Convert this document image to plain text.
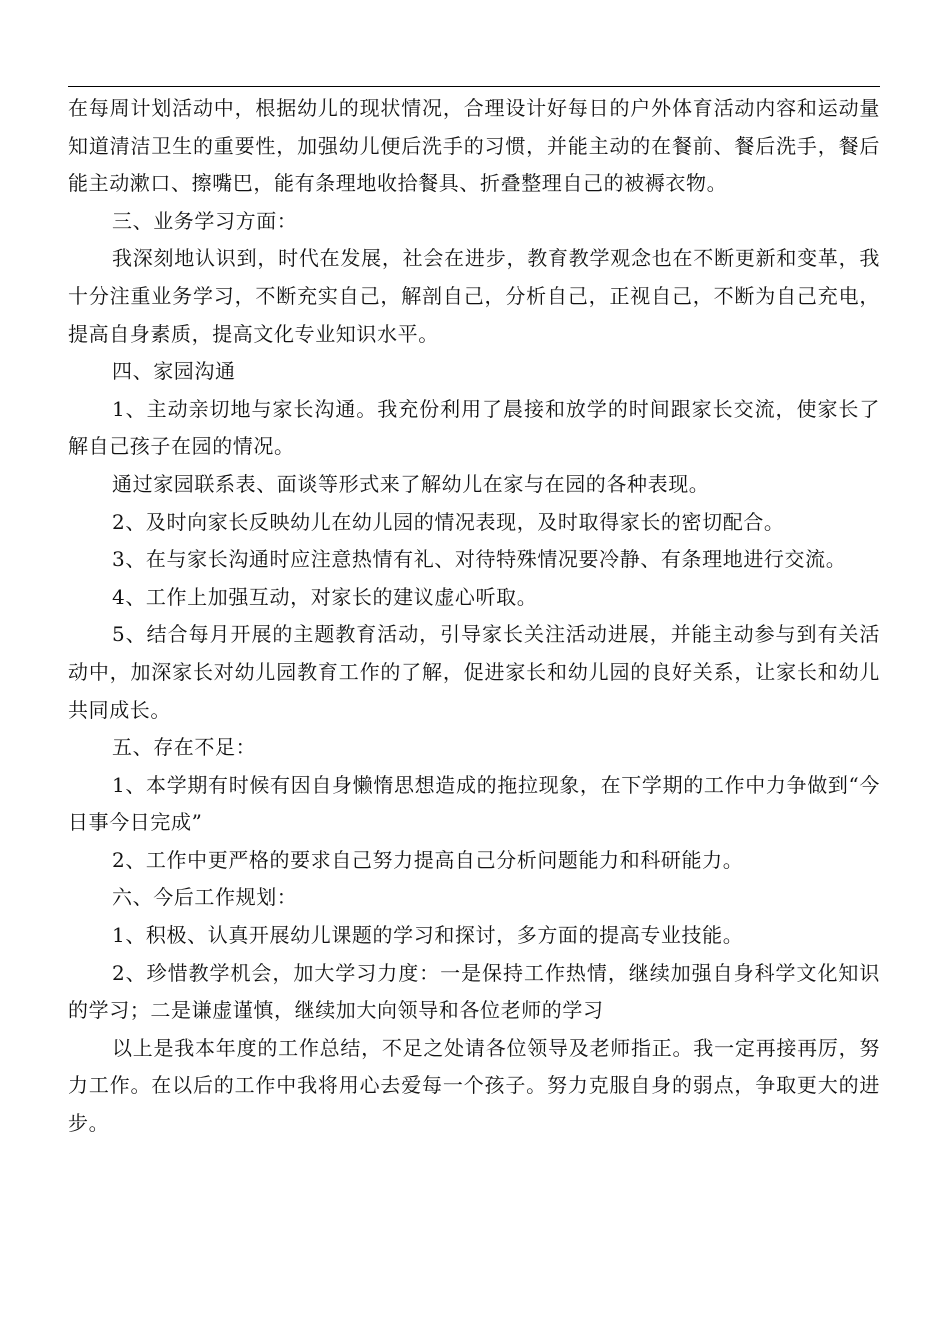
在每周计划活动中，根据幼儿的现状情况，合理设计好每日的户外体育活动内容和运动量知道清洁卫生的重要性，加强幼儿便后洗手的习惯，并能主动的在餐前、餐后洗手，餐后能主动漱口、擦嘴巴，能有条理地收拾餐具、折叠整理自己的被褥衣物。

三、业务学习方面：

我深刻地认识到，时代在发展，社会在进步，教育教学观念也在不断更新和变革，我十分注重业务学习，不断充实自己，解剖自己，分析自己，正视自己，不断为自己充电，提高自身素质，提高文化专业知识水平。

四、家园沟通

1、主动亲切地与家长沟通。我充份利用了晨接和放学的时间跟家长交流，使家长了解自己孩子在园的情况。

通过家园联系表、面谈等形式来了解幼儿在家与在园的各种表现。

2、及时向家长反映幼儿在幼儿园的情况表现，及时取得家长的密切配合。

3、在与家长沟通时应注意热情有礼、对待特殊情况要冷静、有条理地进行交流。

4、工作上加强互动，对家长的建议虚心听取。

5、结合每月开展的主题教育活动，引导家长关注活动进展，并能主动参与到有关活动中，加深家长对幼儿园教育工作的了解，促进家长和幼儿园的良好关系，让家长和幼儿共同成长。

五、存在不足：

1、本学期有时候有因自身懒惰思想造成的拖拉现象，在下学期的工作中力争做到“今日事今日完成”

2、工作中更严格的要求自己努力提高自己分析问题能力和科研能力。

六、今后工作规划：

1、积极、认真开展幼儿课题的学习和探讨，多方面的提高专业技能。

2、珍惜教学机会，加大学习力度：一是保持工作热情，继续加强自身科学文化知识的学习；二是谦虚谨慎，继续加大向领导和各位老师的学习

以上是我本年度的工作总结，不足之处请各位领导及老师指正。我一定再接再厉，努力工作。在以后的工作中我将用心去爱每一个孩子。努力克服自身的弱点，争取更大的进步。
